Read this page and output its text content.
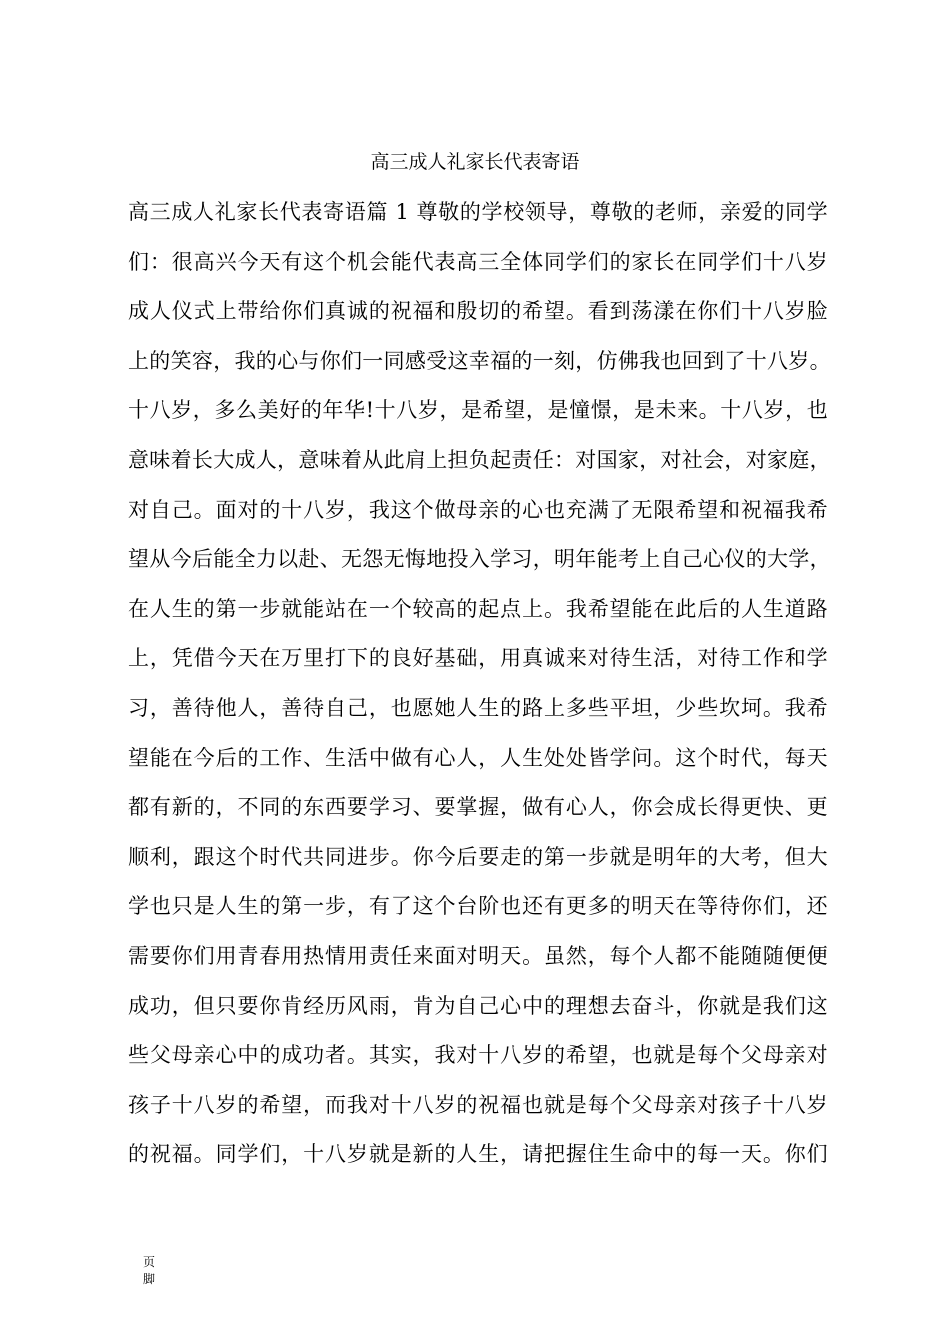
高三成人礼家长代表寄语
高三成人礼家长代表寄语篇 1 尊敬的学校领导，尊敬的老师，亲爱的同学
们：很高兴今天有这个机会能代表高三全体同学们的家长在同学们十八岁
成人仪式上带给你们真诚的祝福和殷切的希望。看到荡漾在你们十八岁脸
上的笑容，我的心与你们一同感受这幸福的一刻，仿佛我也回到了十八岁。
十八岁，多么美好的年华!十八岁，是希望，是憧憬，是未来。十八岁，也
意味着长大成人，意味着从此肩上担负起责任：对国家，对社会，对家庭，
对自己。面对的十八岁，我这个做母亲的心也充满了无限希望和祝福我希
望从今后能全力以赴、无怨无悔地投入学习，明年能考上自己心仪的大学，
在人生的第一步就能站在一个较高的起点上。我希望能在此后的人生道路
上，凭借今天在万里打下的良好基础，用真诚来对待生活，对待工作和学
习，善待他人，善待自己，也愿她人生的路上多些平坦，少些坎坷。我希
望能在今后的工作、生活中做有心人，人生处处皆学问。这个时代，每天
都有新的，不同的东西要学习、要掌握，做有心人，你会成长得更快、更
顺利，跟这个时代共同进步。你今后要走的第一步就是明年的大考，但大
学也只是人生的第一步，有了这个台阶也还有更多的明天在等待你们，还
需要你们用青春用热情用责任来面对明天。虽然，每个人都不能随随便便
成功，但只要你肯经历风雨，肯为自己心中的理想去奋斗，你就是我们这
些父母亲心中的成功者。其实，我对十八岁的希望，也就是每个父母亲对
孩子十八岁的希望，而我对十八岁的祝福也就是每个父母亲对孩子十八岁
的祝福。同学们，十八岁就是新的人生，请把握住生命中的每一天。你们
页
脚
